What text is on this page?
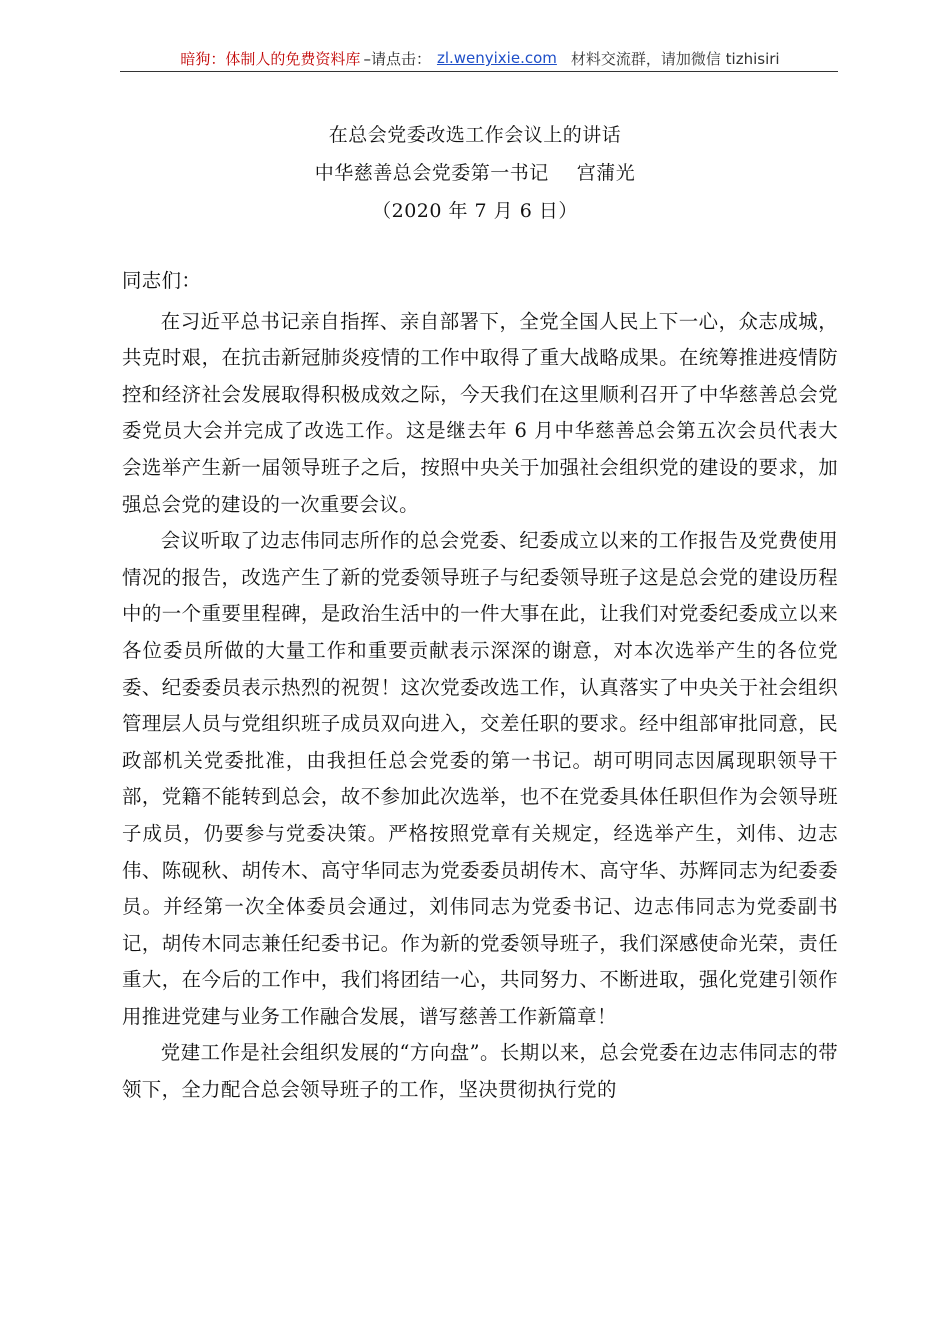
暗狗：体制人的免费资料库 –请点击： zl.wenyixie.com 材料交流群，请加微信 tizhisiri
在总会党委改选工作会议上的讲话
中华慈善总会党委第一书记 宫蒲光
（2020 年 7 月 6 日）

同志们：

在习近平总书记亲自指挥、亲自部署下，全党全国人民上下一心，众志成城，共克时艰，在抗击新冠肺炎疫情的工作中取得了重大战略成果。在统筹推进疫情防控和经济社会发展取得积极成效之际，今天我们在这里顺利召开了中华慈善总会党委党员大会并完成了改选工作。这是继去年 6 月中华慈善总会第五次会员代表大会选举产生新一届领导班子之后，按照中央关于加强社会组织党的建设的要求，加强总会党的建设的一次重要会议。

会议听取了边志伟同志所作的总会党委、纪委成立以来的工作报告及党费使用情况的报告，改选产生了新的党委领导班子与纪委领导班子这是总会党的建设历程中的一个重要里程碑，是政治生活中的一件大事在此，让我们对党委纪委成立以来各位委员所做的大量工作和重要贡献表示深深的谢意，对本次选举产生的各位党委、纪委委员表示热烈的祝贺！这次党委改选工作，认真落实了中央关于社会组织管理层人员与党组织班子成员双向进入，交差任职的要求。经中组部审批同意，民政部机关党委批准，由我担任总会党委的第一书记。胡可明同志因属现职领导干部，党籍不能转到总会，故不参加此次选举，也不在党委具体任职但作为会领导班子成员，仍要参与党委决策。严格按照党章有关规定，经选举产生，刘伟、边志伟、陈砚秋、胡传木、高守华同志为党委委员胡传木、高守华、苏辉同志为纪委委员。并经第一次全体委员会通过，刘伟同志为党委书记、边志伟同志为党委副书记，胡传木同志兼任纪委书记。作为新的党委领导班子，我们深感使命光荣，责任重大，在今后的工作中，我们将团结一心，共同努力、不断进取，强化党建引领作用推进党建与业务工作融合发展，谱写慈善工作新篇章！

党建工作是社会组织发展的“方向盘”。长期以来，总会党委在边志伟同志的带领下，全力配合总会领导班子的工作，坚决贯彻执行党的
